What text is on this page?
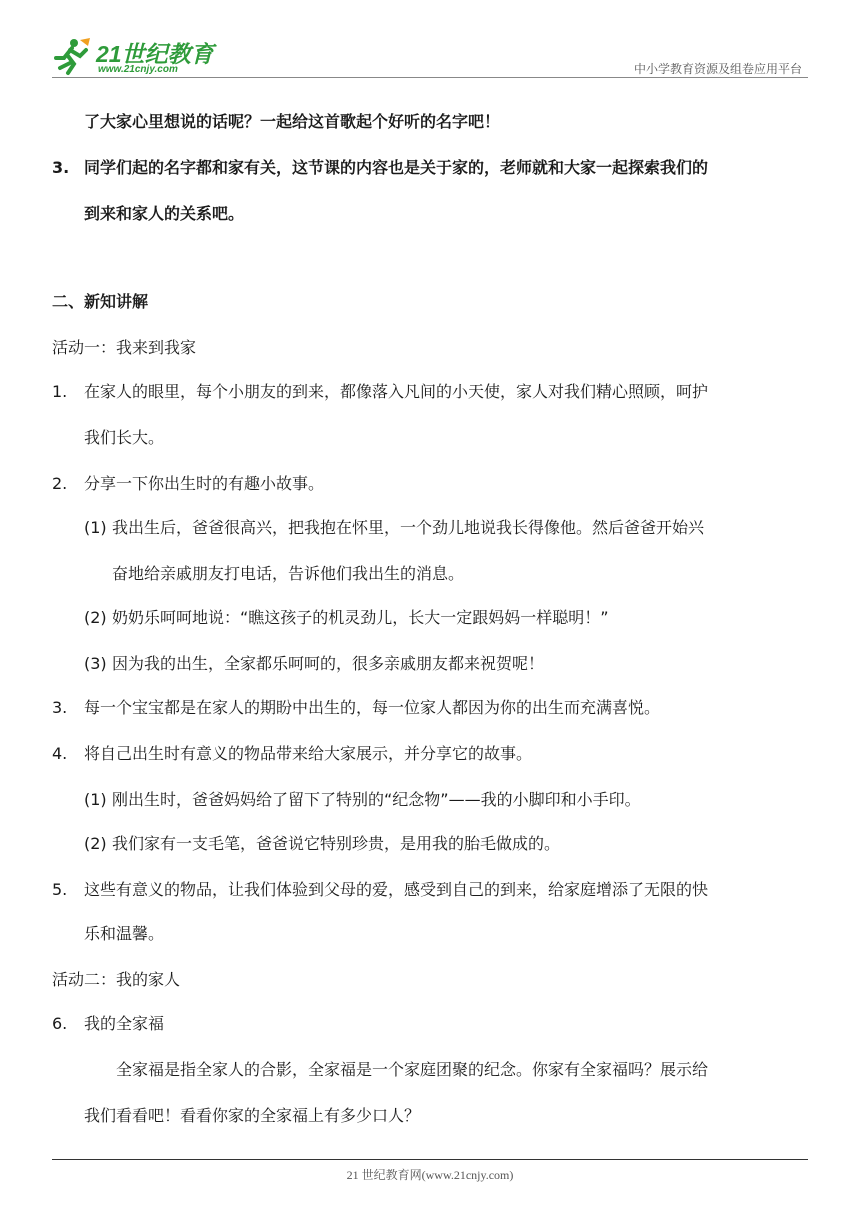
21世纪教育
www.21cnjy.com	中小学教育资源及组卷应用平台
了大家心里想说的话呢？一起给这首歌起个好听的名字吧！
3. 同学们起的名字都和家有关，这节课的内容也是关于家的，老师就和大家一起探索我们的
到来和家人的关系吧。
二、新知讲解
活动一：我来到我家
1. 在家人的眼里，每个小朋友的到来，都像落入凡间的小天使，家人对我们精心照顾，呵护
我们长大。
2. 分享一下你出生时的有趣小故事。
(1) 我出生后，爸爸很高兴，把我抱在怀里，一个劲儿地说我长得像他。然后爸爸开始兴
奋地给亲戚朋友打电话，告诉他们我出生的消息。
(2) 奶奶乐呵呵地说：“瞧这孩子的机灵劲儿，长大一定跟妈妈一样聪明！”
(3) 因为我的出生，全家都乐呵呵的，很多亲戚朋友都来祝贺呢！
3. 每一个宝宝都是在家人的期盼中出生的，每一位家人都因为你的出生而充满喜悦。
4. 将自己出生时有意义的物品带来给大家展示，并分享它的故事。
(1) 刚出生时，爸爸妈妈给了留下了特别的“纪念物”——我的小脚印和小手印。
(2) 我们家有一支毛笔，爸爸说它特别珍贵，是用我的胎毛做成的。
5. 这些有意义的物品，让我们体验到父母的爱，感受到自己的到来，给家庭增添了无限的快
乐和温馨。
活动二：我的家人
6. 我的全家福
全家福是指全家人的合影，全家福是一个家庭团聚的纪念。你家有全家福吗？展示给
我们看看吧！看看你家的全家福上有多少口人？
21 世纪教育网(www.21cnjy.com)
